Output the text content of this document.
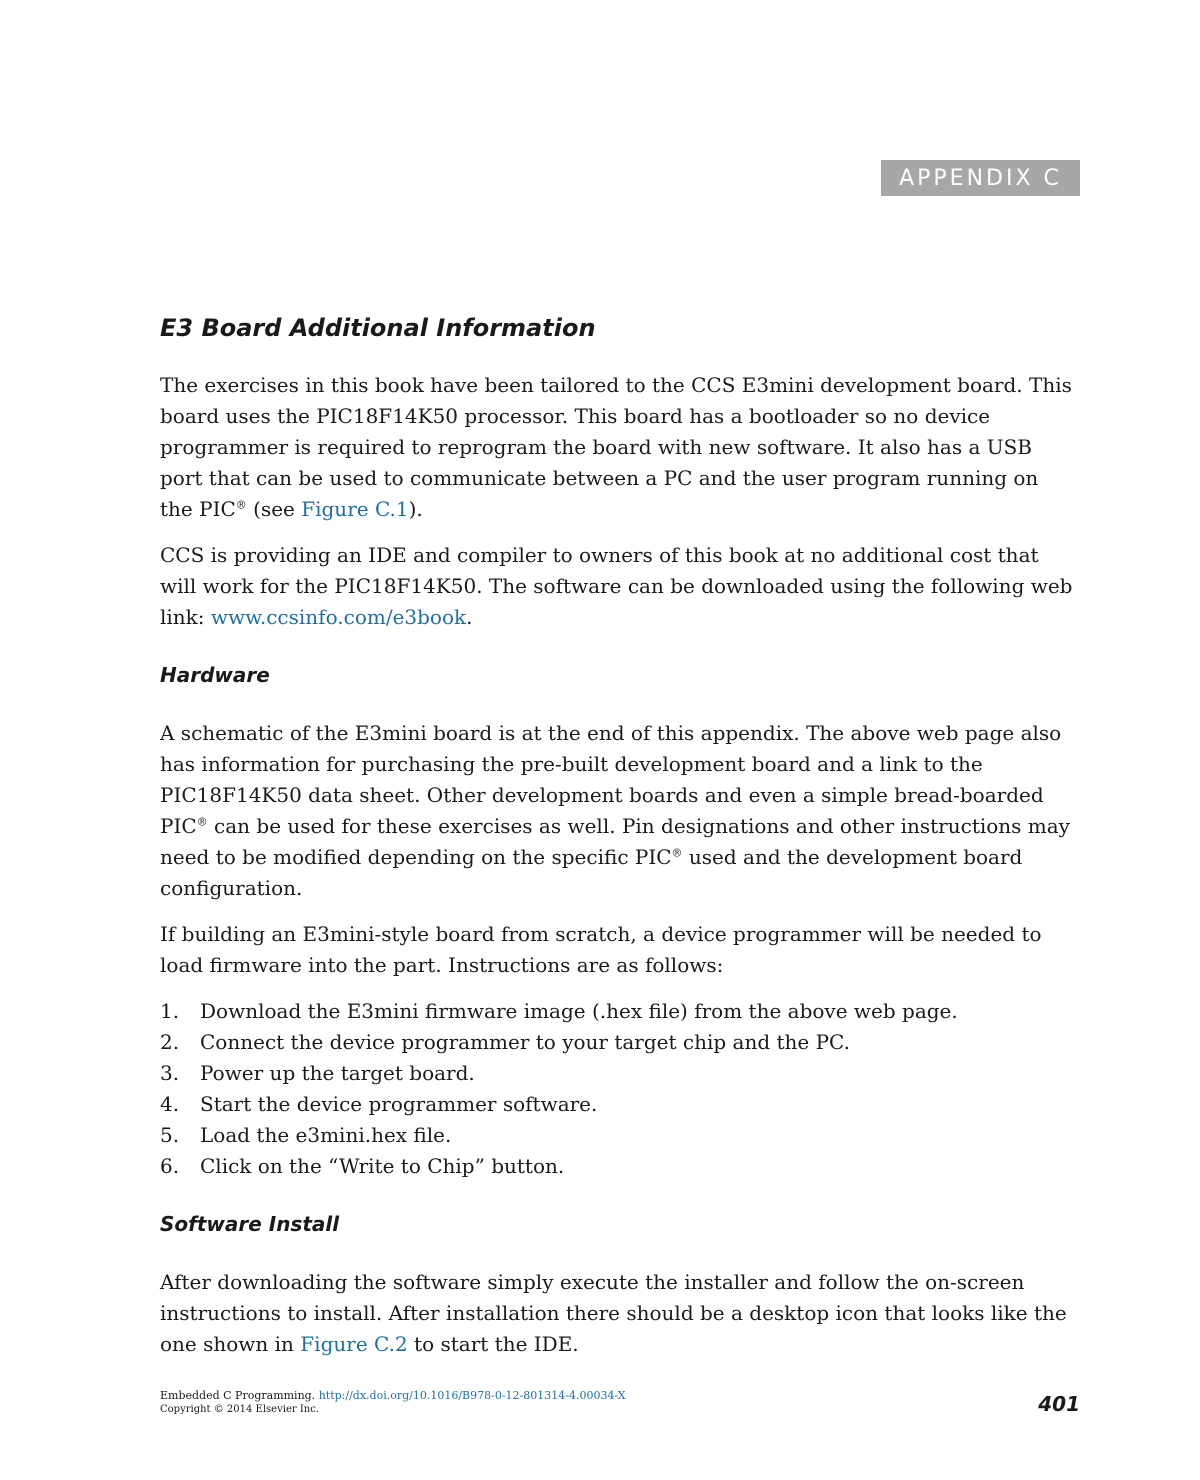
APPENDIX C
E3 Board Additional Information

The exercises in this book have been tailored to the CCS E3mini development board. This board uses the PIC18F14K50 processor. This board has a bootloader so no device programmer is required to reprogram the board with new software. It also has a USB port that can be used to communicate between a PC and the user program running on the PIC® (see Figure C.1).

CCS is providing an IDE and compiler to owners of this book at no additional cost that will work for the PIC18F14K50. The software can be downloaded using the following web link: www.ccsinfo.com/e3book.

Hardware

A schematic of the E3mini board is at the end of this appendix. The above web page also has information for purchasing the pre-built development board and a link to the PIC18F14K50 data sheet. Other development boards and even a simple bread-boarded PIC® can be used for these exercises as well. Pin designations and other instructions may need to be modified depending on the specific PIC® used and the development board configuration.

If building an E3mini-style board from scratch, a device programmer will be needed to load firmware into the part. Instructions are as follows:

1.	Download the E3mini firmware image (.hex file) from the above web page.
2.	Connect the device programmer to your target chip and the PC.
3.	Power up the target board.
4.	Start the device programmer software.
5.	Load the e3mini.hex file.
6.	Click on the “Write to Chip” button.
Software Install

After downloading the software simply execute the installer and follow the on-screen instructions to install. After installation there should be a desktop icon that looks like the one shown in Figure C.2 to start the IDE.

Embedded C Programming. http://dx.doi.org/10.1016/B978-0-12-801314-4.00034-X
Copyright © 2014 Elsevier Inc.	401
